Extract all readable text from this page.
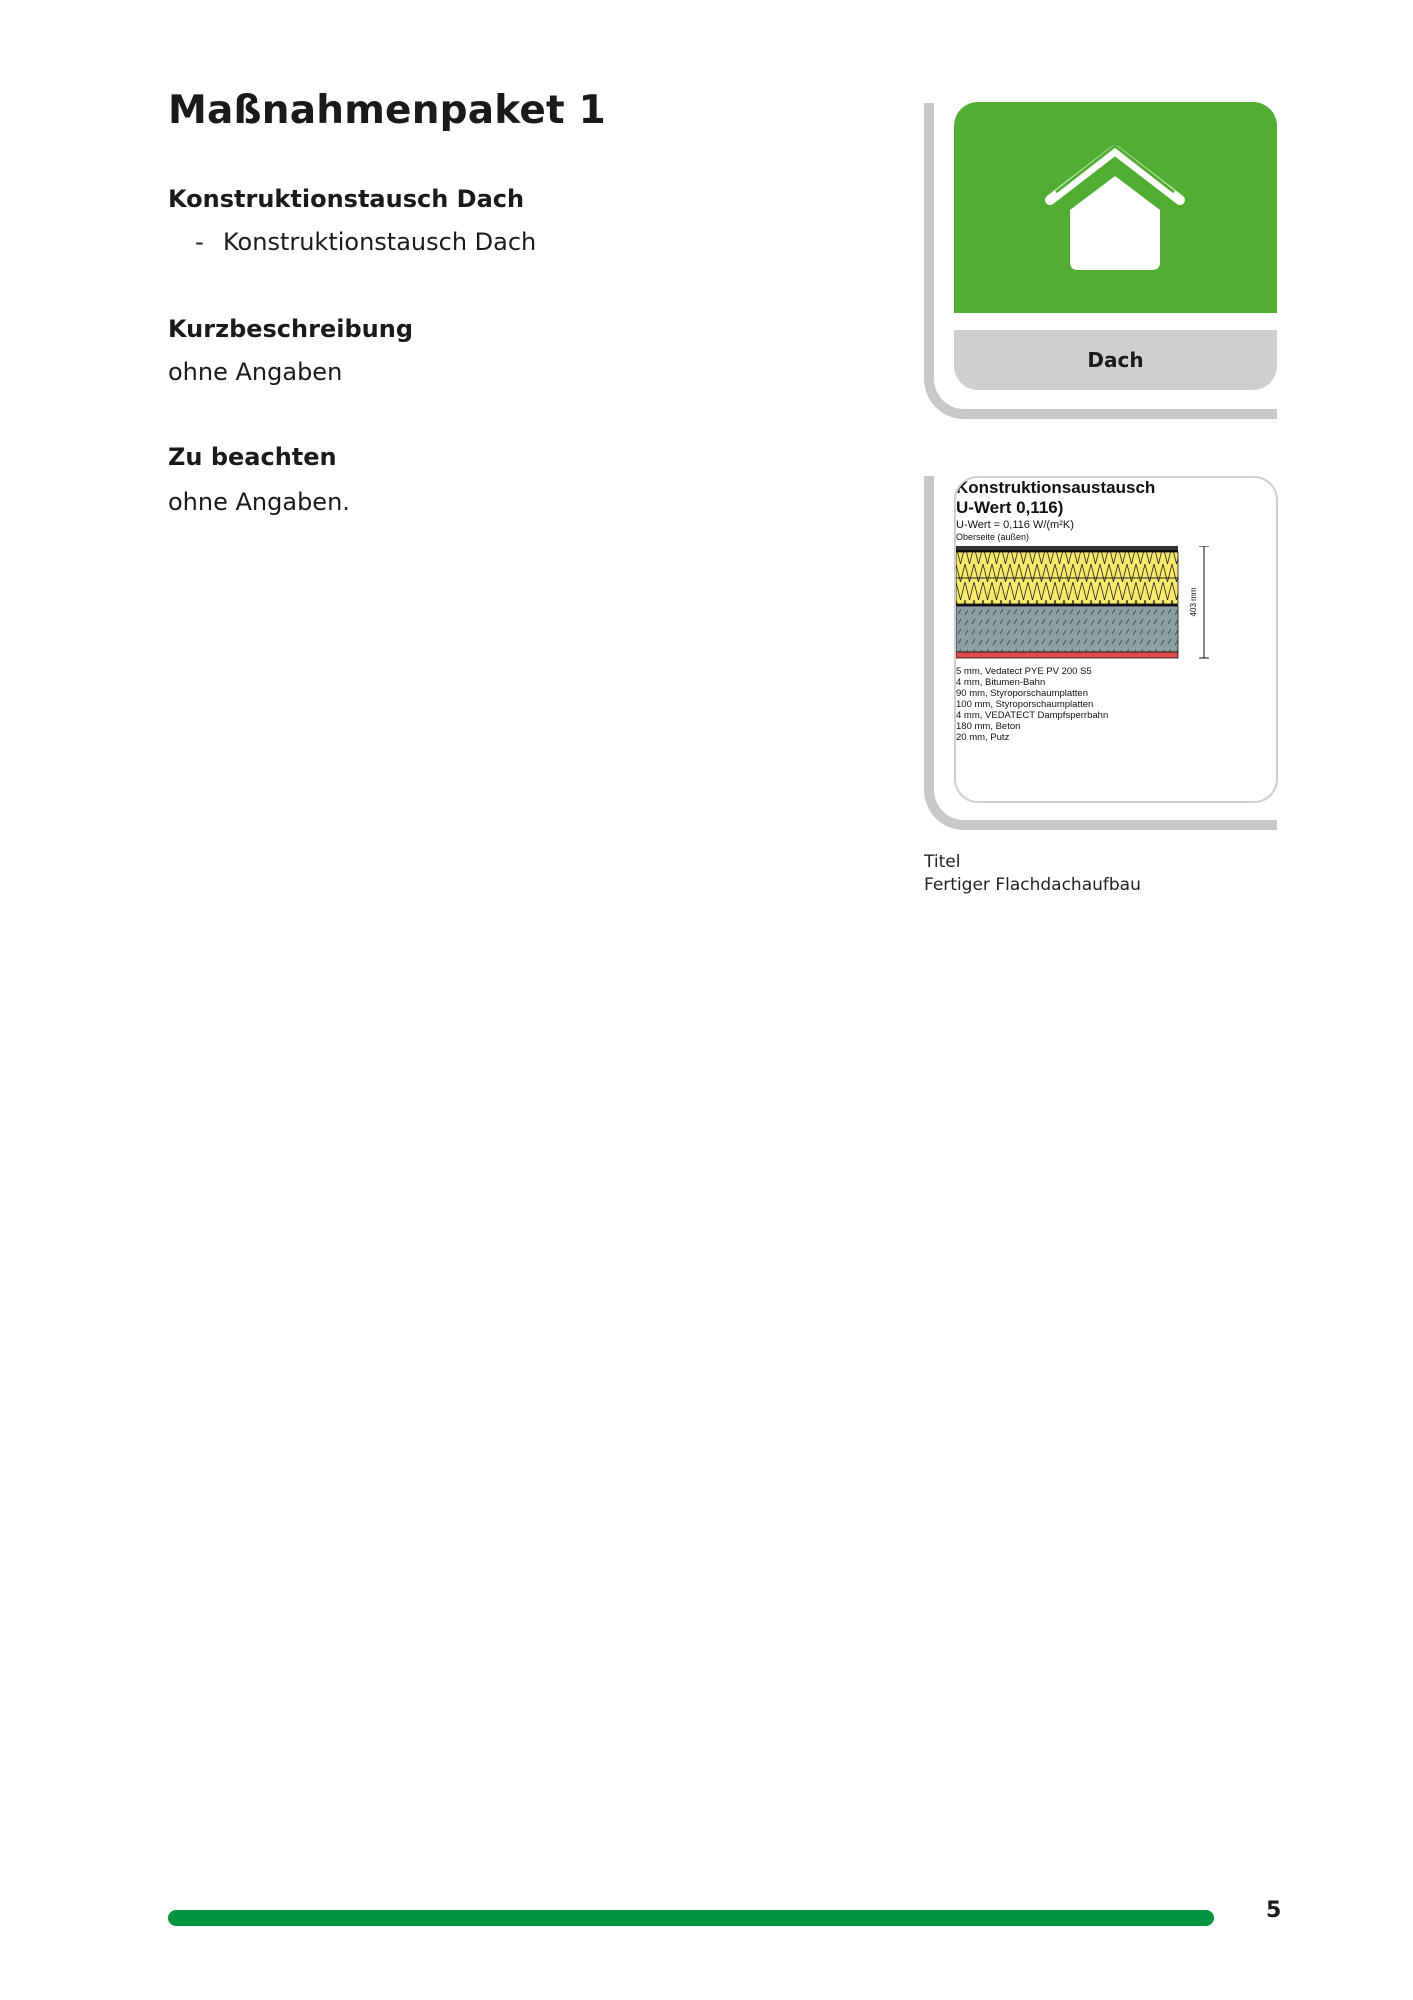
Maßnahmenpaket 1
Konstruktionstausch Dach
- Konstruktionstausch Dach
Kurzbeschreibung
ohne Angaben
Zu beachten
ohne Angaben.
Dach
Konstruktionsaustausch
U-Wert 0,116)
U-Wert = 0,116 W/(m²K)
Oberseite (außen)
403 mm
5 mm, Vedatect PYE PV 200 S5
4 mm, Bitumen-Bahn
90 mm, Styroporschaumplatten
100 mm, Styroporschaumplatten
4 mm, VEDATECT Dampfsperrbahn
180 mm, Beton
20 mm, Putz
Titel
Fertiger Flachdachaufbau
5
